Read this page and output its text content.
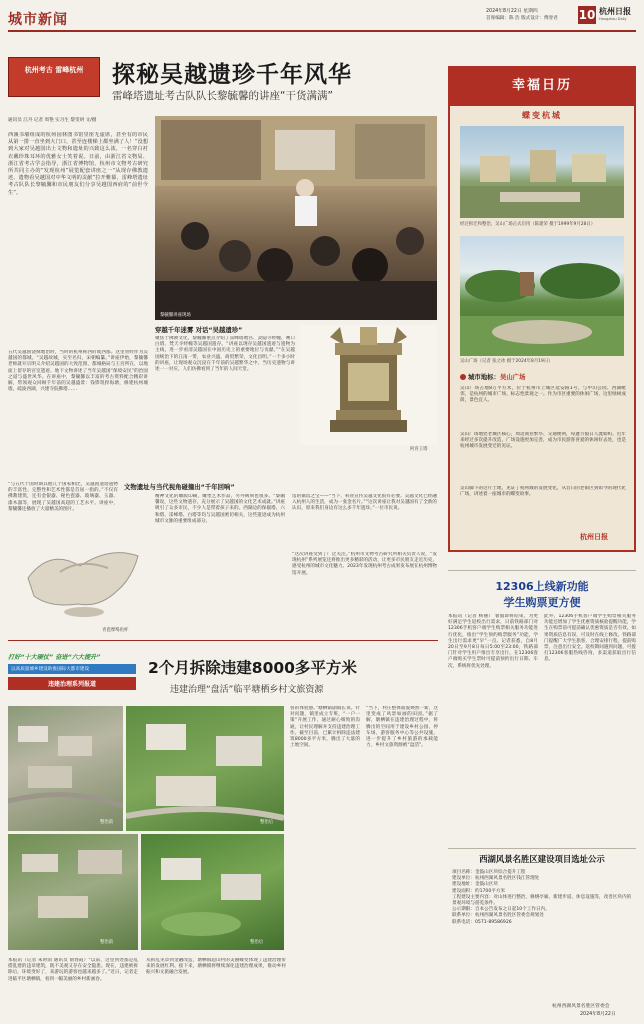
城市新闻
2024年8月22日 星期四
首席编辑：陈 浩 版式设计：傅誉君 10 杭州日报
Hangzhou Daily
杭州考古 雷峰杭州	探秘吴越遗珍千年风华
雷峰塔遗址考古队队长黎毓馨的讲座“干货满满”
通讯员 江丹 记者 周艳 实习生 黎雯妍 文/摄
西溪书墙组成的杭州园林图书馆里座无虚席，甚至有的市民从第一排一直坐到大门口，甚至连楼梯上都坐满了人！“没想到大家对吴越国出土文物和遗址的兴致这么浓，一名穿白衬衣戴珍珠耳环的优雅女士笑着说。日前，由浙江省文物局、浙江省考古学会指导，浙江省博物馆、杭州市文物考古研究所共同主办的“发现杭州”展览配套讲座之一“从现存佛教遗迹、遗物看吴越国对中华文明的贡献”拉开帷幕，雷峰塔遗址考古队队长黎毓馨和市民朋友们分享吴越国西府的“前世今生”。
黎毓馨讲座现场
穿越千年迷雾 对话“吴越遗珍”
阿育王塔
五代吴越国饶撰地治时，当时的杭州称西府或西都。这里曾经作为吴越国的都城。“吴越故城，实至名归，宋朝编纂。”讲座伊始，黎毓馨老师就开宗明义介绍吴越国的大致范围、都城格局与王宫所在，以地面上留存的宫室遗迹、地下文物讲述了当年吴越国“保境安民”的治国之道与盛世风华。在讲座中，黎毓馨以丰富的考古资料配合精彩讲解，带领观众回顾千年前的吴越盛景：钱镠筑捍海塘，修建杭州城墙，疏浚西湖，兴建寺院佛塔……
聚焦于佛教文化，黎毓馨重点介绍了雷峰塔地宫、灵隐寺经幢、闸口白塔、梵天寺经幢等吴越国遗存。“讲座以现存吴越国遗迹与遗物为主线，进一步看清吴越国在中国历史上的重要地位与贡献。”“在吴越国统治下的江南一带，农业兴盛，商贸繁荣，文化昌明。”一个多小时的讲座，让现场观众沉浸在千年前的吴越繁华之中，当历史遗物与讲述一一对应，人们仿佛看到了当年的人间天堂。
文物遗址与当代视角碰撞出“千年回响”
“与五代十国时期其他几个国家相比，吴越国遗迹遗物的丰富性、完整性和艺术性都是首屈一指的。”不仅有佛教建筑，还有金银器、秘色瓷器、玻璃器、玉器、漆木器等，展现了吴越国高超的工艺水平。讲座中，黎毓馨还播放了大量精美的图片。
精神文化的雕版印刷，雕塑艺术作品，另外碑刻也很多。“黎毓馨说，这些文物遗存，充分展示了吴越国的文化艺术成就。”讲座吸引了众多市民，不少人是带着孩子来的。西湖边的保俶塔、六和塔、雷峰塔、白塔等均与吴越国密切相关，这些遗迹成为杭州城市文脉的重要组成部分。
馆的镇馆之宝——“当下，科普宣传吴越文化很有必要。吴越文化已经融入杭州人的生活，成为一张金名片。”“这次讲座让我对吴越国有了全新的认识，原来我们身边有这么多千年遗珍。”一位市民说。
“这次讲座受到了广泛关注。”杭州市文物考古研究所相关负责人说，“发现杭州”系列展览还将推出更多精彩的活动，让更多市民朋友走近历史，感受杭州的城市文化魅力。2023年发现杭州考古成果发布展在杭州博物馆开展。
青瓷摩羯鱼杯
幸福日历
蝶变杭城
经过拆迁和整治，吴山广场正式启用（陈建荣 摄于1999年9月28日）
吴山广场（记者 张之冰 摄于2024年8月19日）
城市地标：吴山广场
吴山广场占地8万平方米，位于杭州市上城区延安路1号，与中山公园、西湖毗邻，是杭州的城市广场、标志性景观之一。作为市区重要的休闲广场，这里绿树成荫，景色宜人。
吴山广场地处老城区核心，周边商业繁华、交通便利，每逢节假日人流如织。近年来经过多次提升改造，广场设施更加完善，成为市民游客喜爱的休闲好去处，也是杭州城市发展变迁的见证。
吴山脚下的这片土地，见证了杭州城的发展变化，从昔日的老街区到如今的现代化广场，讲述着一座城市的蝶变故事。
杭州日报
12306上线新功能
学生购票更方便
本报讯（记者 杨丽） 暑假即将结束，为更好满足学生返校出行需求，日前铁路部门对12306手机客户端学生购票相关服务功能进行优化，推出“学生预约购票服务”功能，学生出行需求更“早”一点。记者获悉，自8月20日至9月8日每日5:00至23:00，铁路部门针对学生用户推出专享出行，在12306客户端购买学生票时可提前预约出行日期、车次，系统将优先处理。
此外，12306手机客户端学生购票相关服务功能还增加了学生优惠资质核验提醒功能，学生在购票前可提前确认优惠资质是否有效。如果资质信息有误，可及时在线上修改。铁路部门提醒广大学生旅客，合理安排行程，提前购票，注意出行安全。返校期间遇到问题，可拨打12306客服热线咨询，多渠道获取出行信息。
打好“十大硬仗” 奋进“六大提升”
以高质量城乡建设助推国际大都市建设
违建治理系列报道
2个月拆除违建8000多平方米
违建治理“盘活”临平塘栖乡村文旅资源
整治前	整治后
整治前	整治后
客的体验感。”塘栖镇副镇长说。针对问题，镇里成立专班，“一户一策”开展工作，通过耐心细致的沟通，让村民理解并支持违建治理工作。截至目前，已累计拆除违法建筑8000多平方米，腾出了大量的土地空间。
“当下，村庄整体面貌焕然一新，这里变成了风景如画的田园。”据了解，塘栖镇在违建治理过程中，将腾出的空间用于建设乡村公园、停车场、游客服务中心等公共设施，进一步提升了乡村旅游的承载能力，乡村文旅资源被“盘活”。
本报讯（记者 朱时雨 通讯员 俞春霞）“以前，这里到处都是乱搭乱建的违章建筑，既不美观又存在安全隐患。现在，违建被拆除后，环境变好了，来游玩的游客也越来越多了。”近日，记者走进临平区塘栖镇，看到一幅美丽的乡村新画卷。
从拆乱见章到金融改造，塘栖镇超山村的美丽蝶变体现了违建治理带来的发展红利。接下来，塘栖镇将继续深化违建治理成果，推动乡村振兴和文旅融合发展。
西湖风景名胜区建设项目选址公示
项目名称：金鼓山区块综合提升工程
建设单位：杭州西湖风景名胜区钱江管理处
建设地址：金鼓山区块
建设面积：约1700平方米
工程建设主要内容：对山体进行整治，修缮亭廊，新建步道、休息设施等，改善区块内的景观环境与游览条件。
公示期限：自本公告发布之日起10个工作日内。
联系单位：杭州西湖风景名胜区管委会规划处
联系电话：0571-89586926
杭州西湖风景名胜区管委会
2024年8月22日
